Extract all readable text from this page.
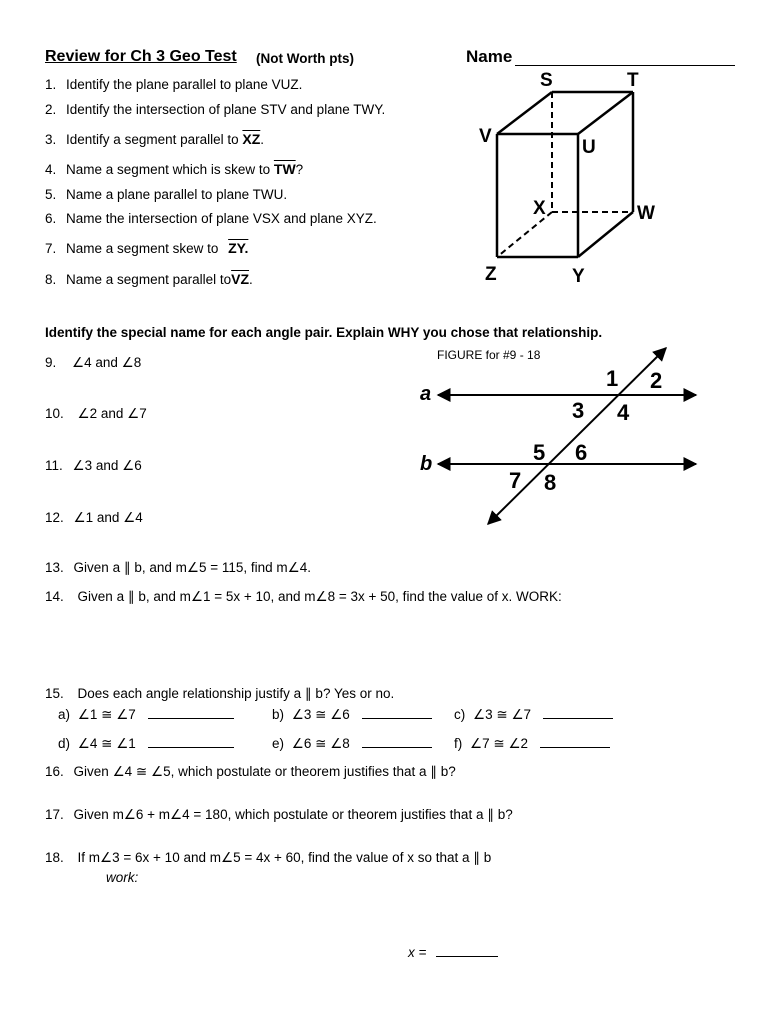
Review for Ch 3 Geo Test (Not Worth pts)	Name
1. Identify the plane parallel to plane VUZ.
2. Identify the intersection of plane STV and plane TWY.
3. Identify a segment parallel to $\overline{XZ}$.
4. Name a segment which is skew to $\overline{TW}$?
5. Name a plane parallel to plane TWU.
6. Name the intersection of plane VSX and plane XYZ.
7. Name a segment skew to ZY.
8. Name a segment parallel $to\overline{VZ}$.
S	T
V
U
X	W
Z	Y
Identify the special name for each angle pair. Explain WHY you chose that relationship.
FIGURE for #9 - 18
a
b
1 2
3 4
5 6
7 8
9. ∠4 and ∠8
10. ∠2 and ∠7
11. ∠3 and ∠6
12. ∠1 and ∠4
13. Given a ∥ b, and m∠5 = 115, find m∠4.
14. Given a ∥ b, and m∠1 = 5x + 10, and m∠8 = 3x + 50, find the value of x. WORK:
15. Does each angle relationship justify a ∥ b? Yes or no.
a) ∠1 ≅ ∠7	b) ∠3 ≅ ∠6	c) ∠3 ≅ ∠7
d) ∠4 ≅ ∠1	e) ∠6 ≅ ∠8	f) ∠7 ≅ ∠2
16. Given ∠4 ≅ ∠5, which postulate or theorem justifies that a ∥ b?
17. Given m∠6 + m∠4 = 180, which postulate or theorem justifies that a ∥ b?
18. If m∠3 = 6x + 10 and m∠5 = 4x + 60, find the value of x so that a ∥ b
work:
x =
